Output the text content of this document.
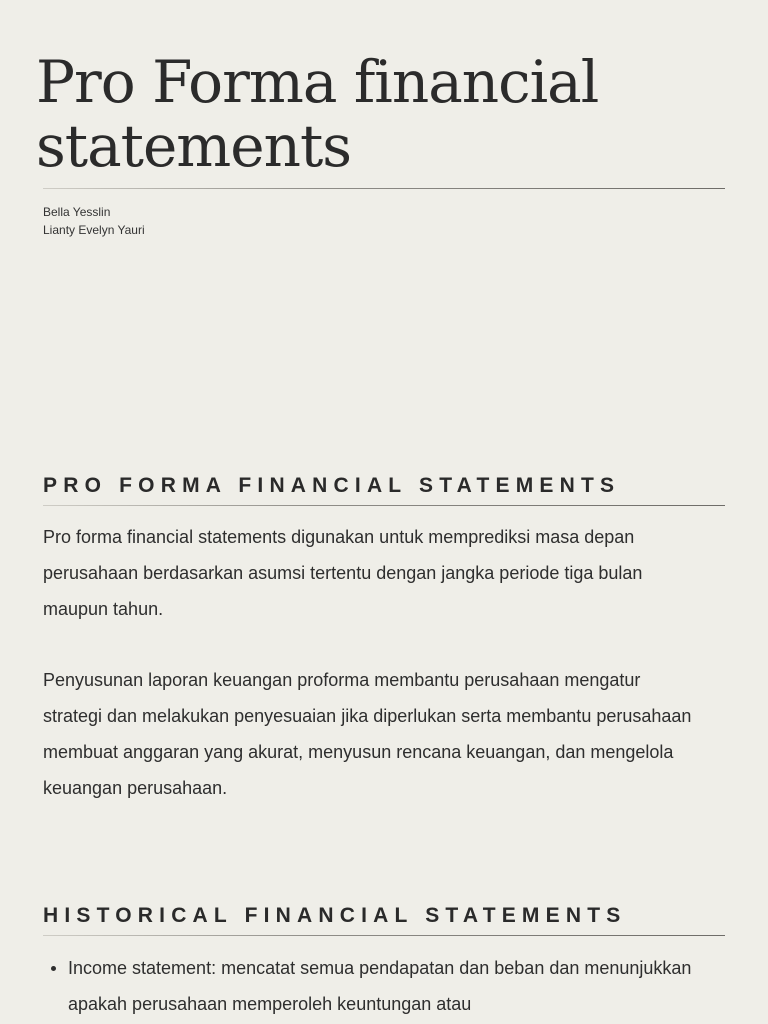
Pro Forma financial statements
Bella Yesslin
Lianty Evelyn Yauri
PRO FORMA FINANCIAL STATEMENTS

Pro forma financial statements digunakan untuk memprediksi masa depan perusahaan berdasarkan asumsi tertentu dengan jangka periode tiga bulan maupun tahun.

Penyusunan laporan keuangan proforma membantu perusahaan mengatur strategi dan melakukan penyesuaian jika diperlukan serta membantu perusahaan membuat anggaran yang akurat, menyusun rencana keuangan, dan mengelola keuangan perusahaan.

HISTORICAL FINANCIAL STATEMENTS
Income statement: mencatat semua pendapatan dan beban dan menunjukkan apakah perusahaan memperoleh keuntungan atau
